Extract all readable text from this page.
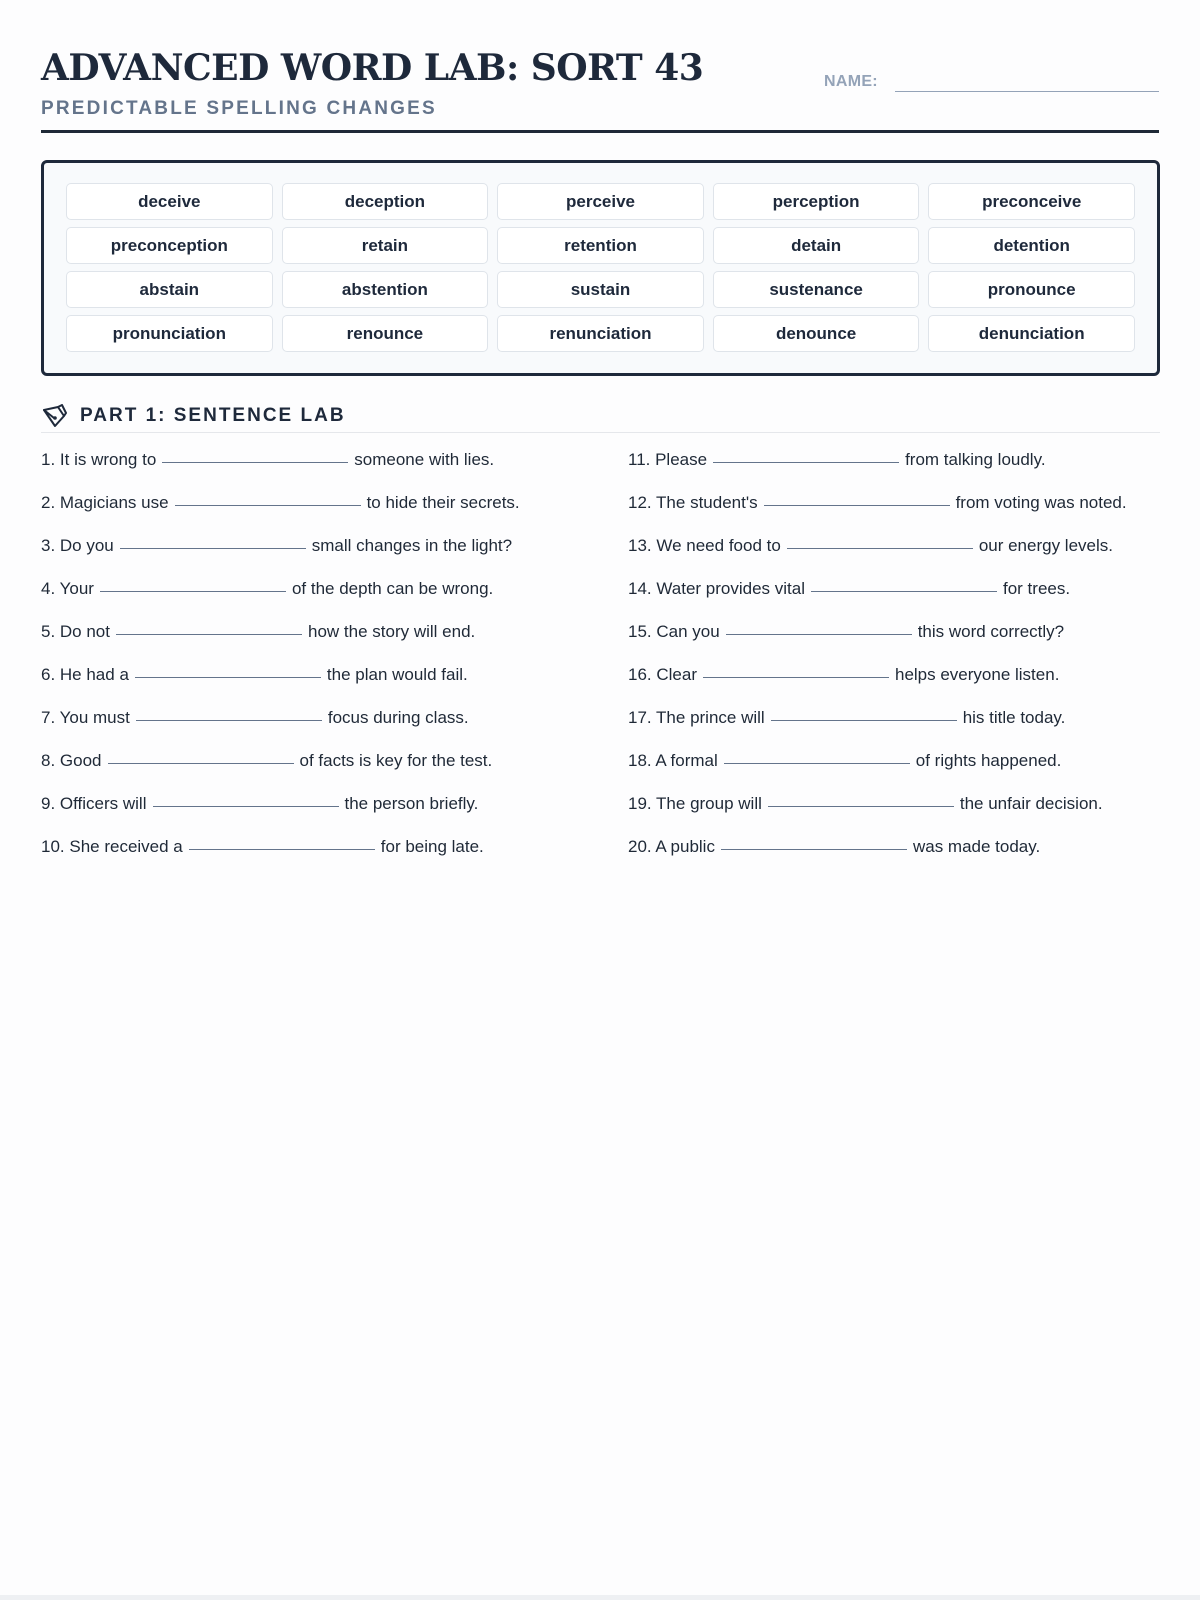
ADVANCED WORD LAB: SORT 43
PREDICTABLE SPELLING CHANGES
NAME:
deceive	deception	perceive	perception	preconceive
preconception	retain	retention	detain	detention
abstain	abstention	sustain	sustenance	pronounce
pronunciation	renounce	renunciation	denounce	denunciation
PART 1: SENTENCE LAB
1. It is wrong to	someone with lies.
2. Magicians use	to hide their secrets.
3. Do you	small changes in the light?
4. Your	of the depth can be wrong.
5. Do not	how the story will end.
6. He had a	the plan would fail.
7. You must	focus during class.
8. Good	of facts is key for the test.
9. Officers will	the person briefly.
10. She received a	for being late.
11. Please	from talking loudly.
12. The student's	from voting was noted.
13. We need food to	our energy levels.
14. Water provides vital	for trees.
15. Can you	this word correctly?
16. Clear	helps everyone listen.
17. The prince will	his title today.
18. A formal	of rights happened.
19. The group will	the unfair decision.
20. A public	was made today.
